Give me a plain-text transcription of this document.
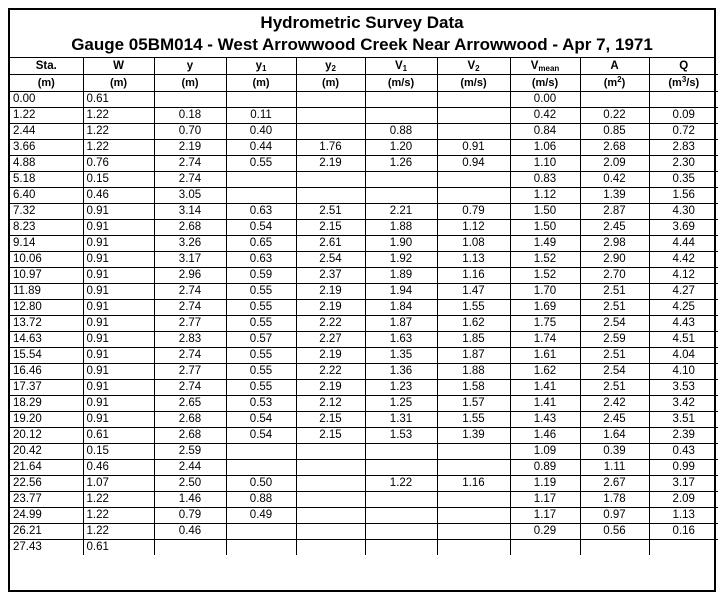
Hydrometric Survey Data
Gauge 05BM014 - West Arrowwood Creek Near Arrowwood - Apr 7, 1971
Sta.	W	y	$y_1$	$y_2$	$V_1$	$V_2$	$V_{mean}$	A	Q
(m)	(m)	(m)	(m)	(m)	(m/s)	(m/s)	(m/s)	$(m^2)$	$(m^3/s)$
0.00	0.61						0.00		
1.22	1.22	0.18	0.11				0.42	0.22	0.09
2.44	1.22	0.70	0.40		0.88		0.84	0.85	0.72
3.66	1.22	2.19	0.44	1.76	1.20	0.91	1.06	2.68	2.83
4.88	0.76	2.74	0.55	2.19	1.26	0.94	1.10	2.09	2.30
5.18	0.15	2.74					0.83	0.42	0.35
6.40	0.46	3.05					1.12	1.39	1.56
7.32	0.91	3.14	0.63	2.51	2.21	0.79	1.50	2.87	4.30
8.23	0.91	2.68	0.54	2.15	1.88	1.12	1.50	2.45	3.69
9.14	0.91	3.26	0.65	2.61	1.90	1.08	1.49	2.98	4.44
10.06	0.91	3.17	0.63	2.54	1.92	1.13	1.52	2.90	4.42
10.97	0.91	2.96	0.59	2.37	1.89	1.16	1.52	2.70	4.12
11.89	0.91	2.74	0.55	2.19	1.94	1.47	1.70	2.51	4.27
12.80	0.91	2.74	0.55	2.19	1.84	1.55	1.69	2.51	4.25
13.72	0.91	2.77	0.55	2.22	1.87	1.62	1.75	2.54	4.43
14.63	0.91	2.83	0.57	2.27	1.63	1.85	1.74	2.59	4.51
15.54	0.91	2.74	0.55	2.19	1.35	1.87	1.61	2.51	4.04
16.46	0.91	2.77	0.55	2.22	1.36	1.88	1.62	2.54	4.10
17.37	0.91	2.74	0.55	2.19	1.23	1.58	1.41	2.51	3.53
18.29	0.91	2.65	0.53	2.12	1.25	1.57	1.41	2.42	3.42
19.20	0.91	2.68	0.54	2.15	1.31	1.55	1.43	2.45	3.51
20.12	0.61	2.68	0.54	2.15	1.53	1.39	1.46	1.64	2.39
20.42	0.15	2.59					1.09	0.39	0.43
21.64	0.46	2.44					0.89	1.11	0.99
22.56	1.07	2.50	0.50		1.22	1.16	1.19	2.67	3.17
23.77	1.22	1.46	0.88				1.17	1.78	2.09
24.99	1.22	0.79	0.49				1.17	0.97	1.13
26.21	1.22	0.46					0.29	0.56	0.16
27.43	0.61								
